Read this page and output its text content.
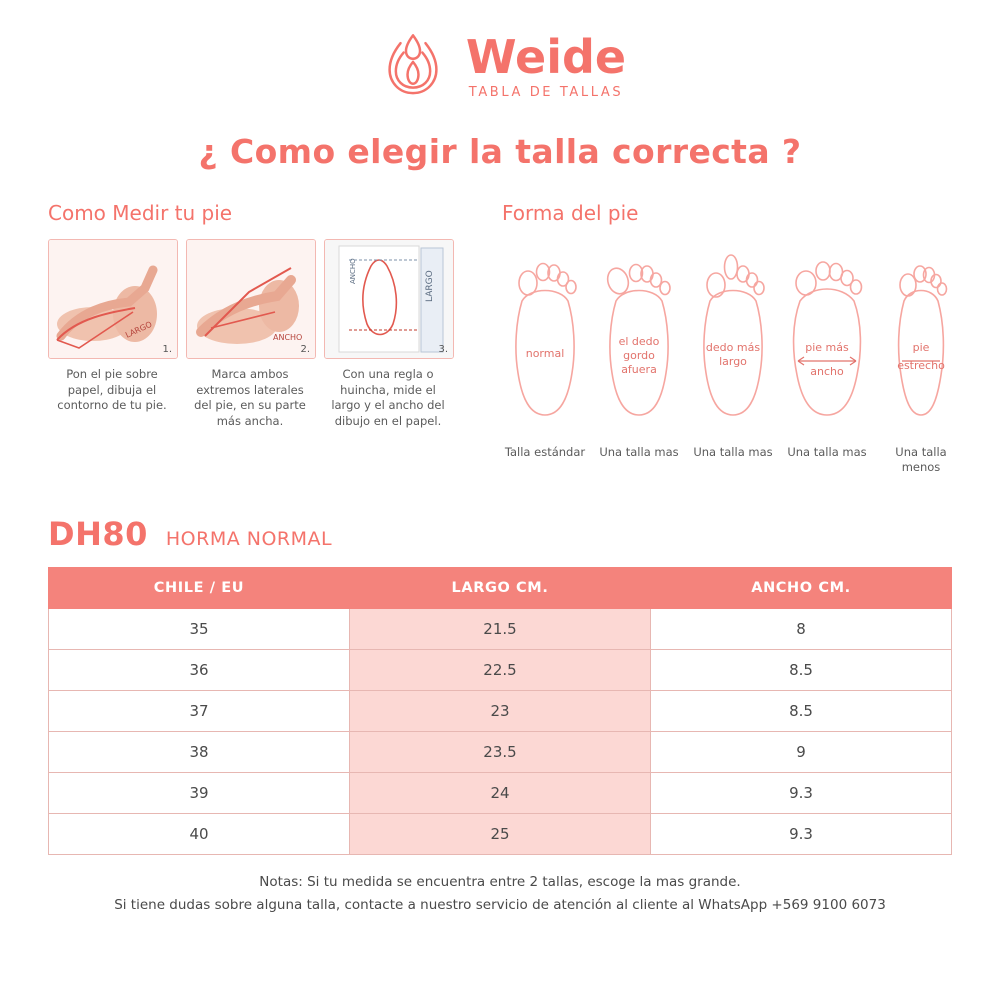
Weide
TABLA DE TALLAS
¿ Como elegir la talla correcta ?
Como Medir tu pie
LARGO
1.
Pon el pie sobre papel, dibuja el contorno de tu pie.
ANCHO
2.
Marca ambos extremos laterales del pie, en su parte más ancha.
LARGO
ANCHO
3.
Con una regla o huincha, mide el largo y el ancho del dibujo en el papel.
Forma del pie
normal
Talla estándar
el dedo
gordo
afuera
Una talla mas
dedo más
largo
Una talla mas
pie más
ancho
Una talla mas
pie
estrecho
Una talla menos
DH80 HORMA NORMAL
CHILE / EU	LARGO CM.	ANCHO CM.
35	21.5	8
36	22.5	8.5
37	23	8.5
38	23.5	9
39	24	9.3
40	25	9.3
Notas: Si tu medida se encuentra entre 2 tallas, escoge la mas grande.
Si tiene dudas sobre alguna talla, contacte a nuestro servicio de atención al cliente al WhatsApp +569 9100 6073
